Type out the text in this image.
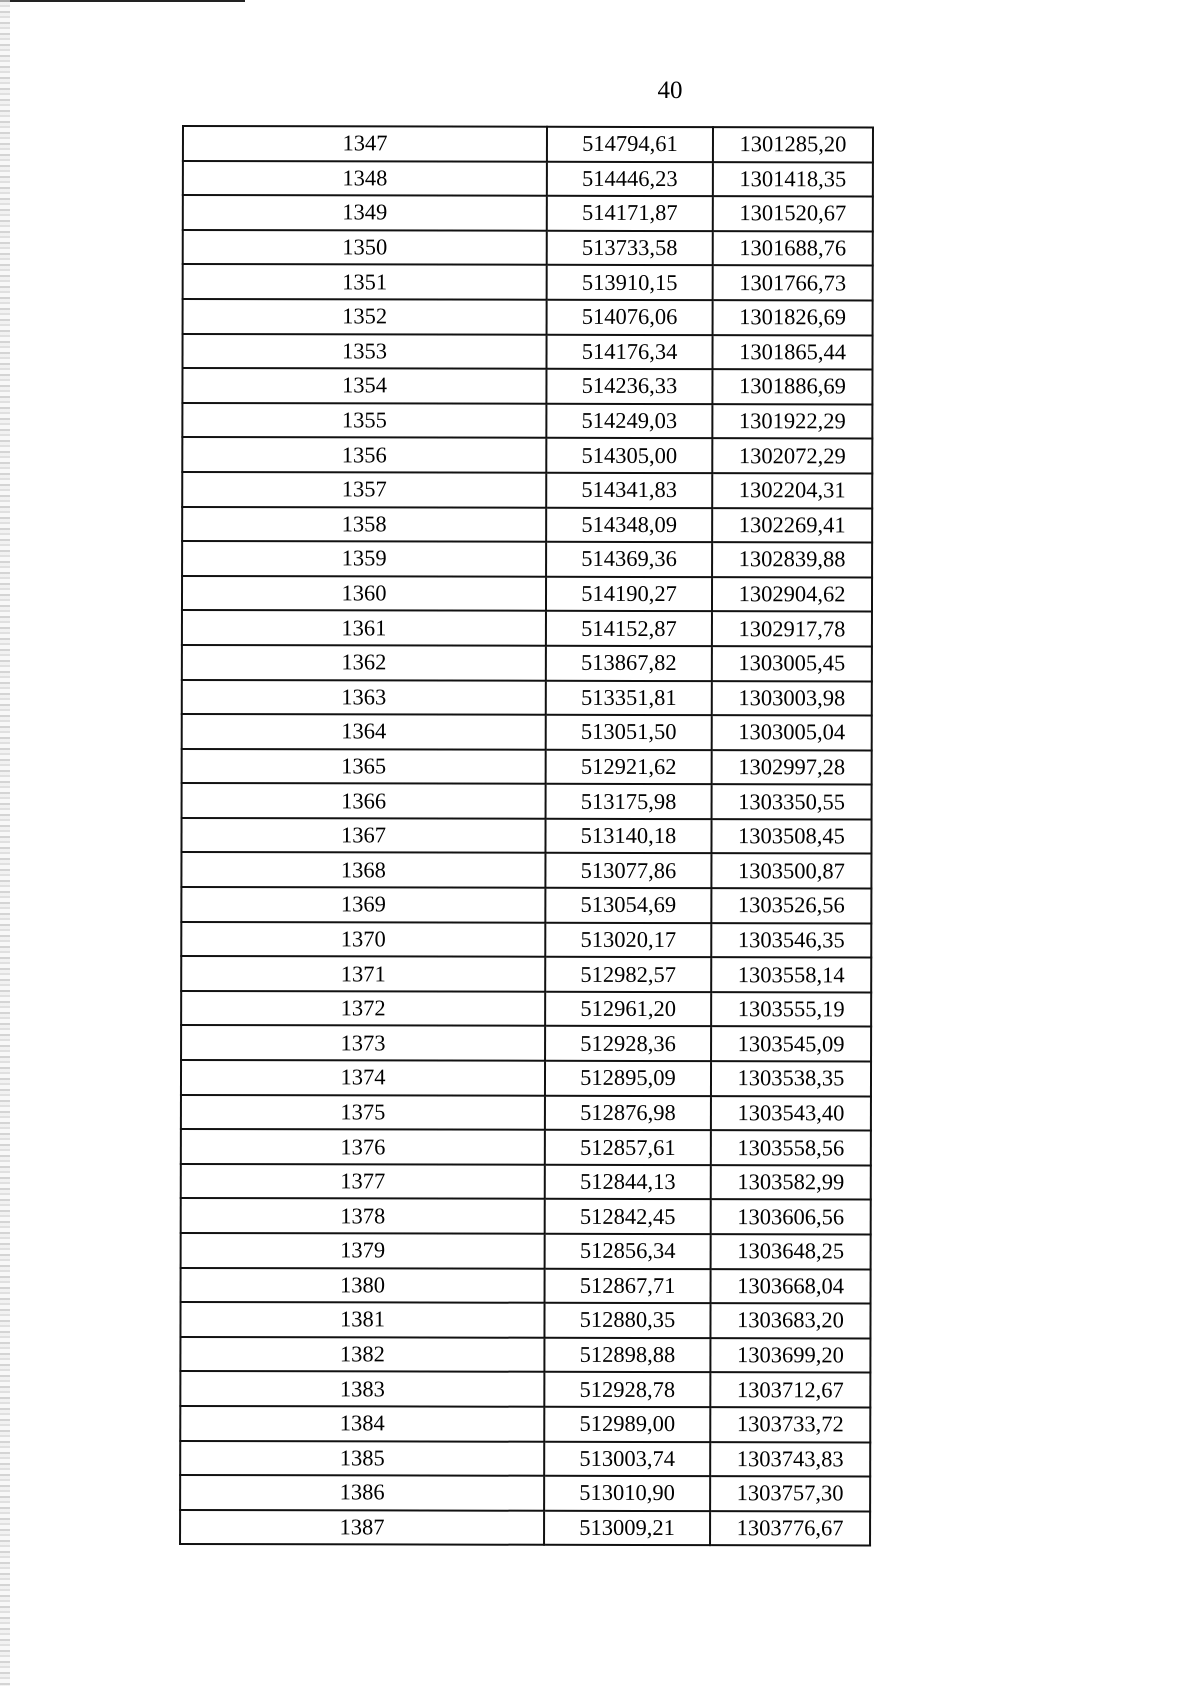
40
1347	514794,61	1301285,20
1348	514446,23	1301418,35
1349	514171,87	1301520,67
1350	513733,58	1301688,76
1351	513910,15	1301766,73
1352	514076,06	1301826,69
1353	514176,34	1301865,44
1354	514236,33	1301886,69
1355	514249,03	1301922,29
1356	514305,00	1302072,29
1357	514341,83	1302204,31
1358	514348,09	1302269,41
1359	514369,36	1302839,88
1360	514190,27	1302904,62
1361	514152,87	1302917,78
1362	513867,82	1303005,45
1363	513351,81	1303003,98
1364	513051,50	1303005,04
1365	512921,62	1302997,28
1366	513175,98	1303350,55
1367	513140,18	1303508,45
1368	513077,86	1303500,87
1369	513054,69	1303526,56
1370	513020,17	1303546,35
1371	512982,57	1303558,14
1372	512961,20	1303555,19
1373	512928,36	1303545,09
1374	512895,09	1303538,35
1375	512876,98	1303543,40
1376	512857,61	1303558,56
1377	512844,13	1303582,99
1378	512842,45	1303606,56
1379	512856,34	1303648,25
1380	512867,71	1303668,04
1381	512880,35	1303683,20
1382	512898,88	1303699,20
1383	512928,78	1303712,67
1384	512989,00	1303733,72
1385	513003,74	1303743,83
1386	513010,90	1303757,30
1387	513009,21	1303776,67
